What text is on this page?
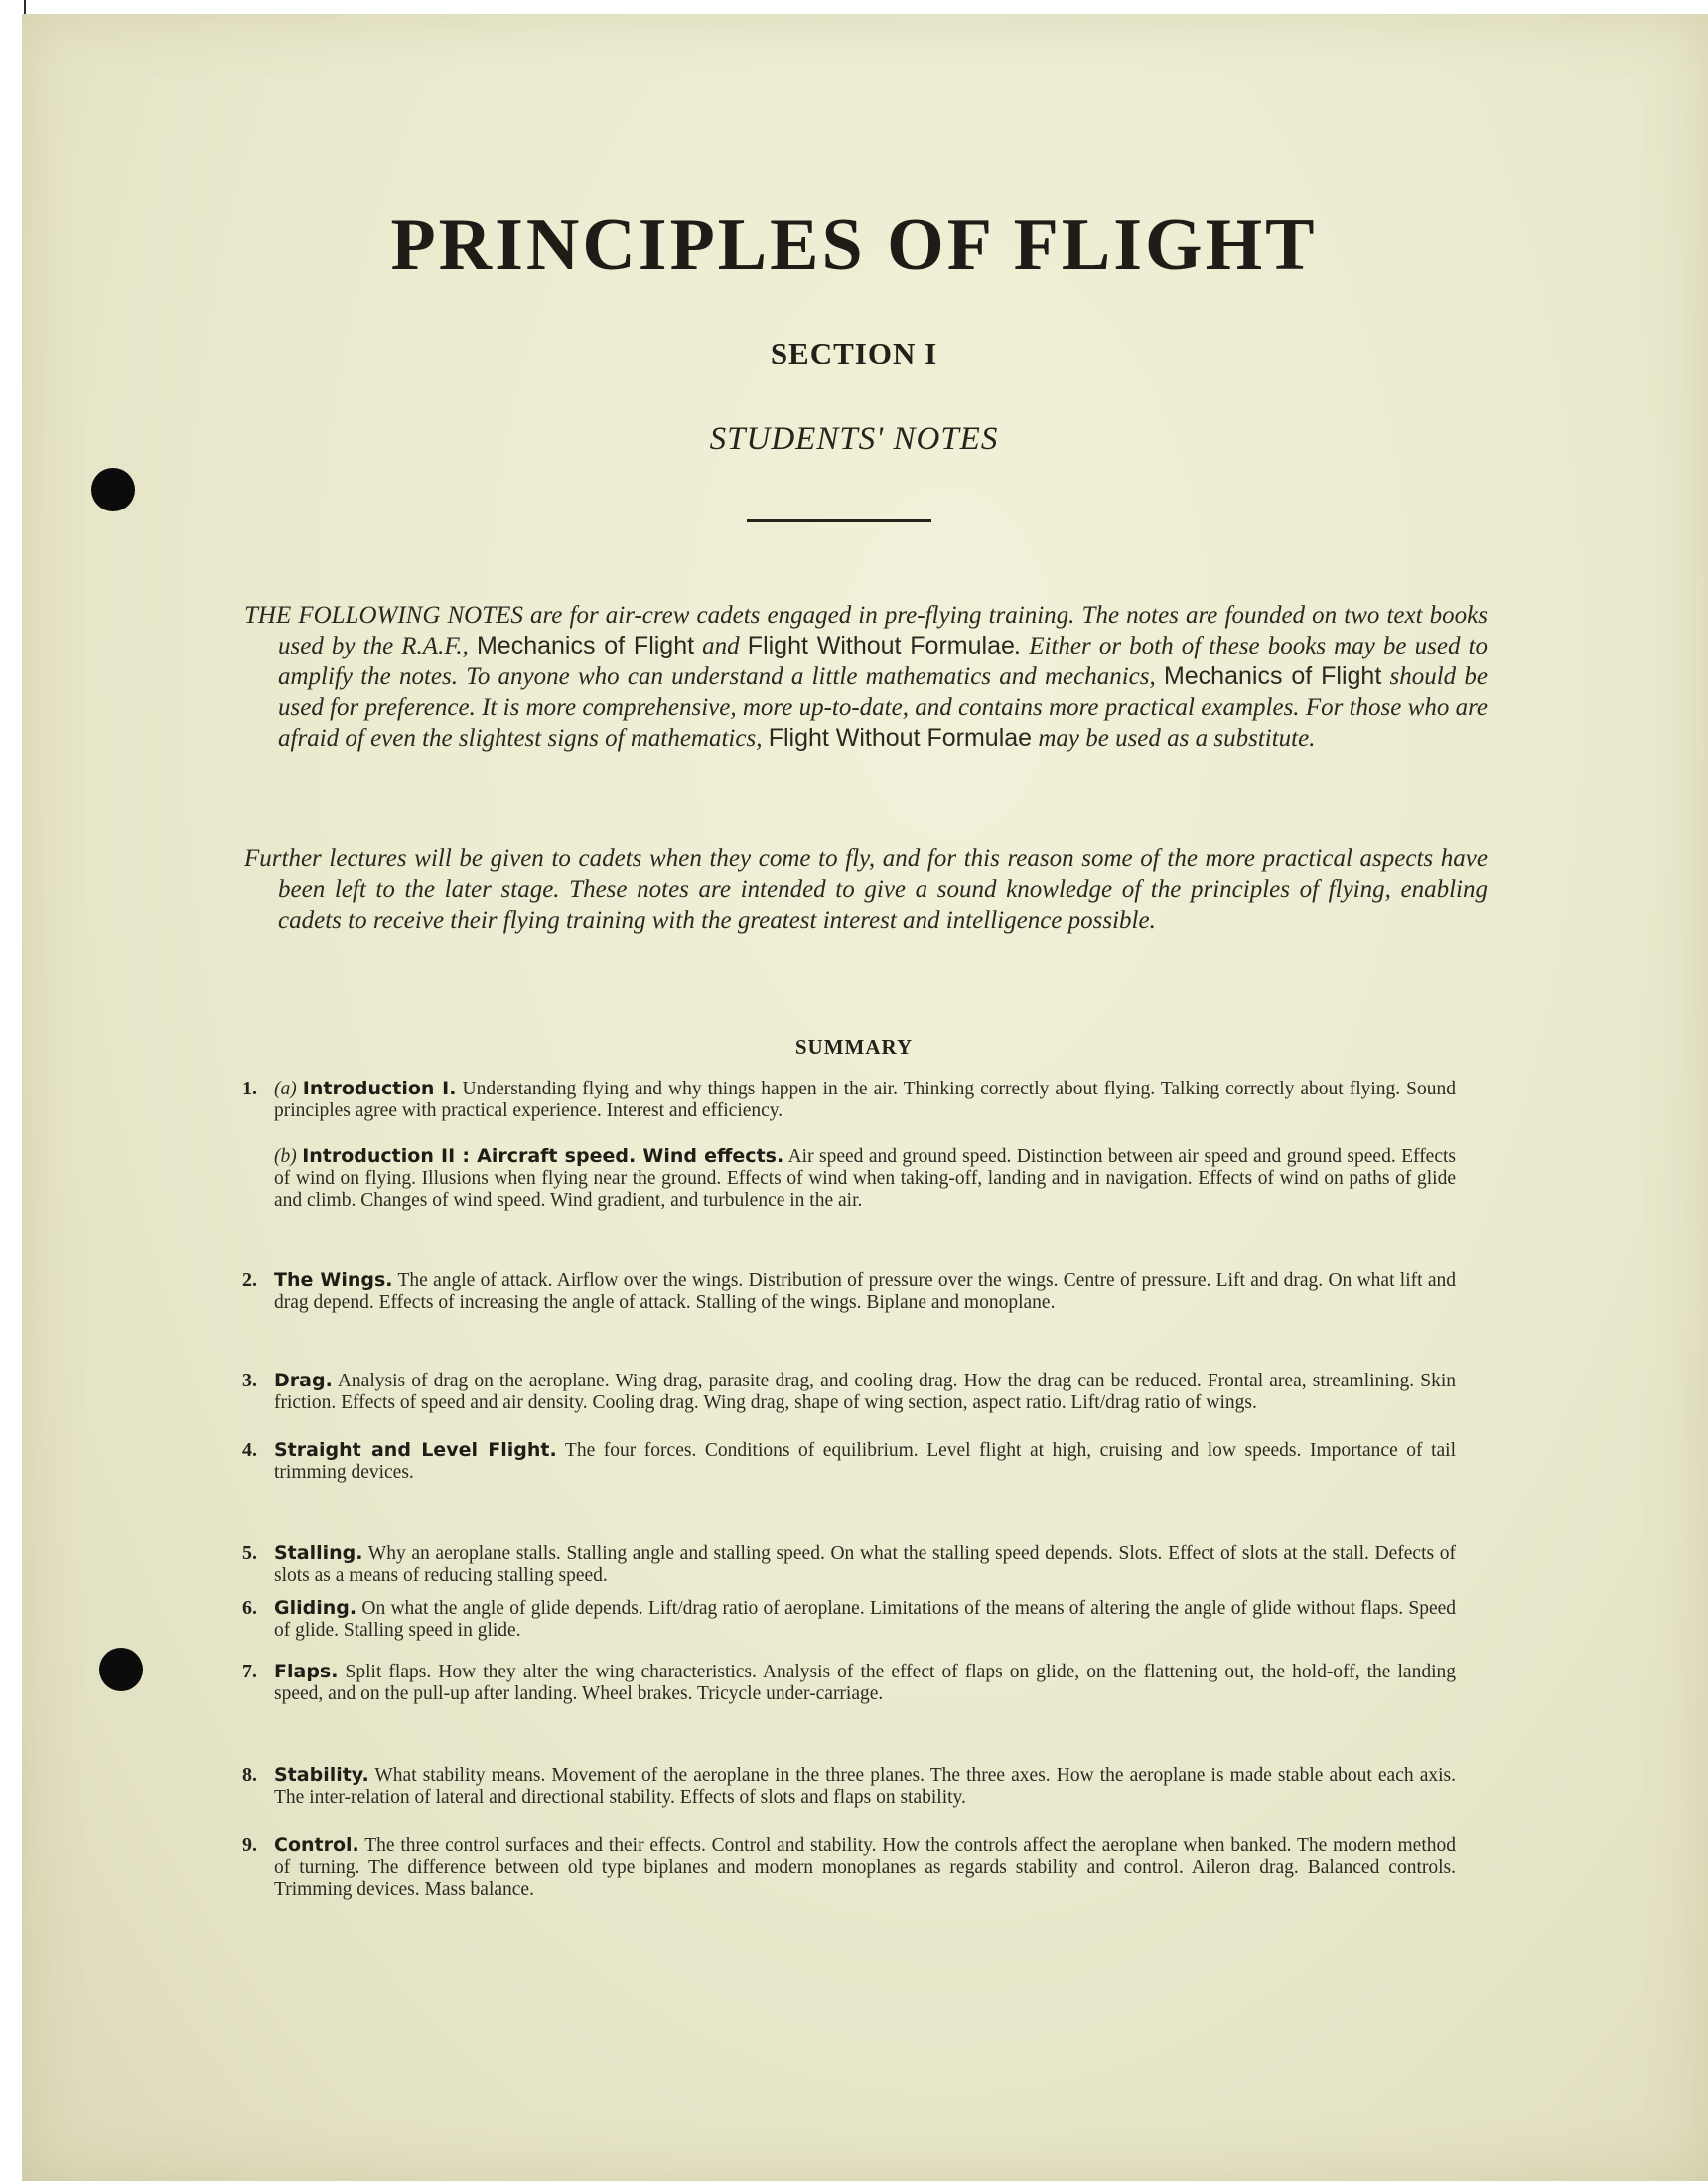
PRINCIPLES OF FLIGHT
SECTION I
STUDENTS' NOTES

THE FOLLOWING NOTES are for air-crew cadets engaged in pre-flying training. The notes are founded on two text books used by the R.A.F., Mechanics of Flight and Flight Without Formulae. Either or both of these books may be used to amplify the notes. To anyone who can understand a little mathematics and mechanics, Mechanics of Flight should be used for preference. It is more comprehensive, more up-to-date, and contains more practical examples. For those who are afraid of even the slightest signs of mathematics, Flight Without Formulae may be used as a substitute.

Further lectures will be given to cadets when they come to fly, and for this reason some of the more practical aspects have been left to the later stage. These notes are intended to give a sound knowledge of the principles of flying, enabling cadets to receive their flying training with the greatest interest and intelligence possible.

SUMMARY
1. (a) Introduction I. Understanding flying and why things happen in the air. Thinking correctly about flying. Talking correctly about flying. Sound principles agree with practical experience. Interest and efficiency.

(b) Introduction II : Aircraft speed. Wind effects. Air speed and ground speed. Distinction between air speed and ground speed. Effects of wind on flying. Illusions when flying near the ground. Effects of wind when taking-off, landing and in navigation. Effects of wind on paths of glide and climb. Changes of wind speed. Wind gradient, and turbulence in the air.

2. The Wings. The angle of attack. Airflow over the wings. Distribution of pressure over the wings. Centre of pressure. Lift and drag. On what lift and drag depend. Effects of increasing the angle of attack. Stalling of the wings. Biplane and monoplane.

3. Drag. Analysis of drag on the aeroplane. Wing drag, parasite drag, and cooling drag. How the drag can be reduced. Frontal area, streamlining. Skin friction. Effects of speed and air density. Cooling drag. Wing drag, shape of wing section, aspect ratio. Lift/drag ratio of wings.

4. Straight and Level Flight. The four forces. Conditions of equilibrium. Level flight at high, cruising and low speeds. Importance of tail trimming devices.

5. Stalling. Why an aeroplane stalls. Stalling angle and stalling speed. On what the stalling speed depends. Slots. Effect of slots at the stall. Defects of slots as a means of reducing stalling speed.

6. Gliding. On what the angle of glide depends. Lift/drag ratio of aeroplane. Limitations of the means of altering the angle of glide without flaps. Speed of glide. Stalling speed in glide.

7. Flaps. Split flaps. How they alter the wing characteristics. Analysis of the effect of flaps on glide, on the flattening out, the hold-off, the landing speed, and on the pull-up after landing. Wheel brakes. Tricycle under-carriage.

8. Stability. What stability means. Movement of the aeroplane in the three planes. The three axes. How the aeroplane is made stable about each axis. The inter-relation of lateral and directional stability. Effects of slots and flaps on stability.

9. Control. The three control surfaces and their effects. Control and stability. How the controls affect the aeroplane when banked. The modern method of turning. The difference between old type biplanes and modern monoplanes as regards stability and control. Aileron drag. Balanced controls. Trimming devices. Mass balance.
